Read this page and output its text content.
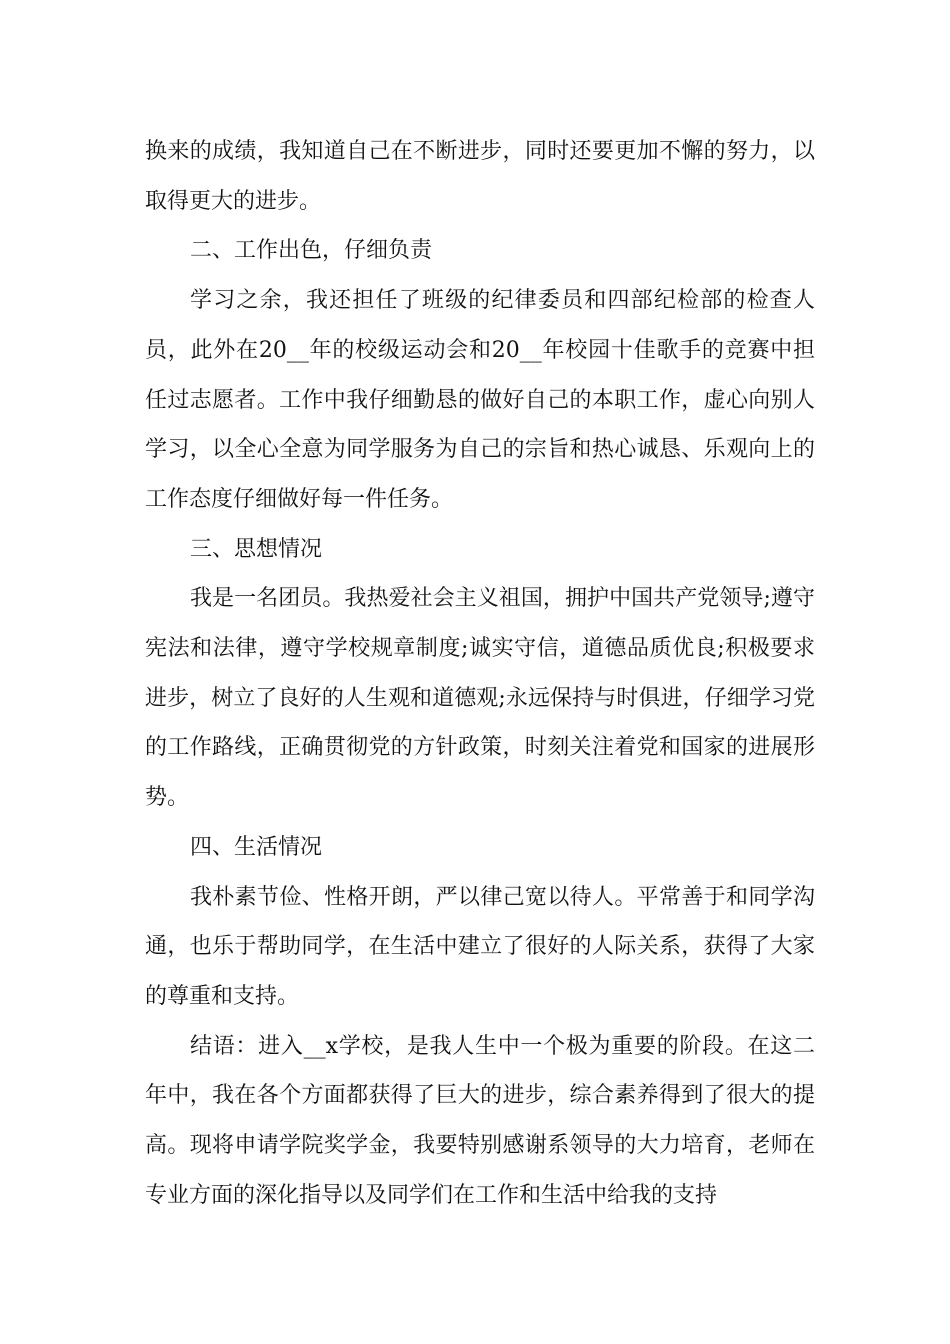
换来的成绩，我知道自己在不断进步，同时还要更加不懈的努力，以取得更大的进步。

二、工作出色，仔细负责

学习之余，我还担任了班级的纪律委员和四部纪检部的检查人员，此外在20__年的校级运动会和20__年校园十佳歌手的竞赛中担任过志愿者。工作中我仔细勤恳的做好自己的本职工作，虚心向别人学习，以全心全意为同学服务为自己的宗旨和热心诚恳、乐观向上的工作态度仔细做好每一件任务。

三、思想情况

我是一名团员。我热爱社会主义祖国，拥护中国共产党领导;遵守宪法和法律，遵守学校规章制度;诚实守信，道德品质优良;积极要求进步，树立了良好的人生观和道德观;永远保持与时俱进，仔细学习党的工作路线，正确贯彻党的方针政策，时刻关注着党和国家的进展形势。

四、生活情况

我朴素节俭、性格开朗，严以律己宽以待人。平常善于和同学沟通，也乐于帮助同学，在生活中建立了很好的人际关系，获得了大家的尊重和支持。

结语：进入__x学校，是我人生中一个极为重要的阶段。在这二年中，我在各个方面都获得了巨大的进步，综合素养得到了很大的提高。现将申请学院奖学金，我要特别感谢系领导的大力培育，老师在专业方面的深化指导以及同学们在工作和生活中给我的支持
